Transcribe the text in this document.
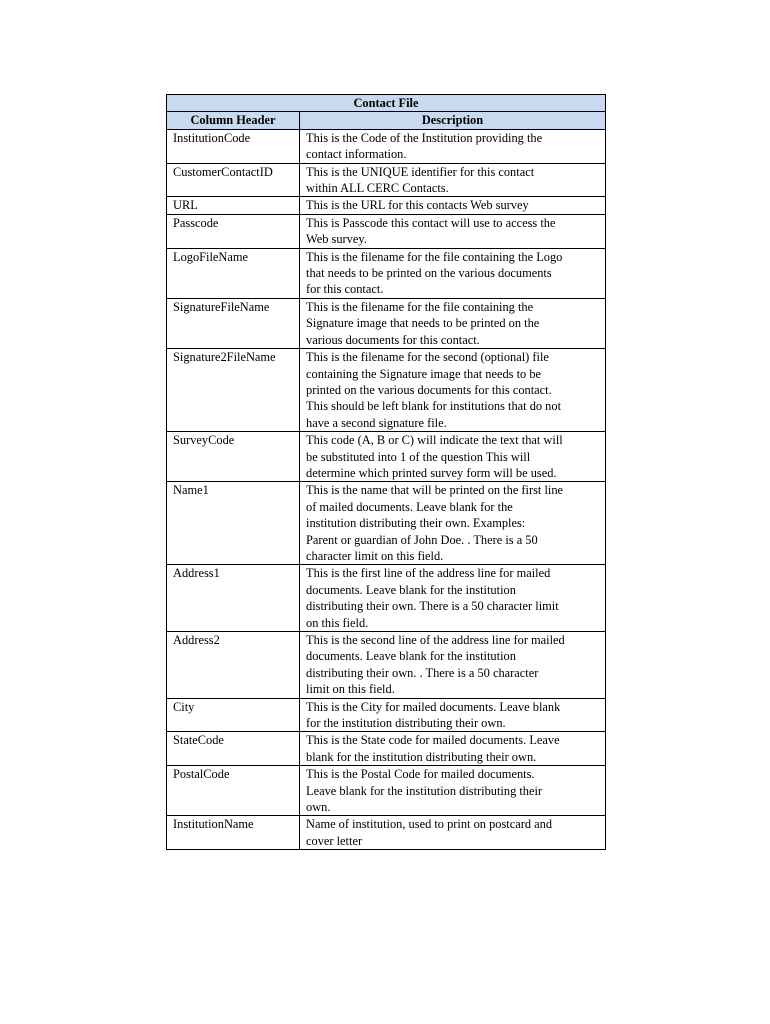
Contact File	
Column Header	Description
InstitutionCode	This is the Code of the Institution providing the
contact information.

CustomerContactID	This is the UNIQUE identifier for this contact
within ALL CERC Contacts.

URL	This is the URL for this contacts Web survey

Passcode	This is Passcode this contact will use to access the
Web survey.

LogoFileName	This is the filename for the file containing the Logo
that needs to be printed on the various documents
for this contact.

SignatureFileName	This is the filename for the file containing the
Signature image that needs to be printed on the
various documents for this contact.

Signature2FileName	This is the filename for the second (optional) file
containing the Signature image that needs to be
printed on the various documents for this contact.
This should be left blank for institutions that do not
have a second signature file.

SurveyCode	This code (A, B or C) will indicate the text that will
be substituted into 1 of the question This will
determine which printed survey form will be used.

Name1	This is the name that will be printed on the first line
of mailed documents. Leave blank for the
institution distributing their own. Examples:
Parent or guardian of John Doe. . There is a 50
character limit on this field.

Address1	This is the first line of the address line for mailed
documents. Leave blank for the institution
distributing their own. There is a 50 character limit
on this field.

Address2	This is the second line of the address line for mailed
documents. Leave blank for the institution
distributing their own. . There is a 50 character
limit on this field.

City	This is the City for mailed documents. Leave blank
for the institution distributing their own.

StateCode	This is the State code for mailed documents. Leave
blank for the institution distributing their own.

PostalCode	This is the Postal Code for mailed documents.
Leave blank for the institution distributing their
own.

InstitutionName	Name of institution, used to print on postcard and
cover letter
